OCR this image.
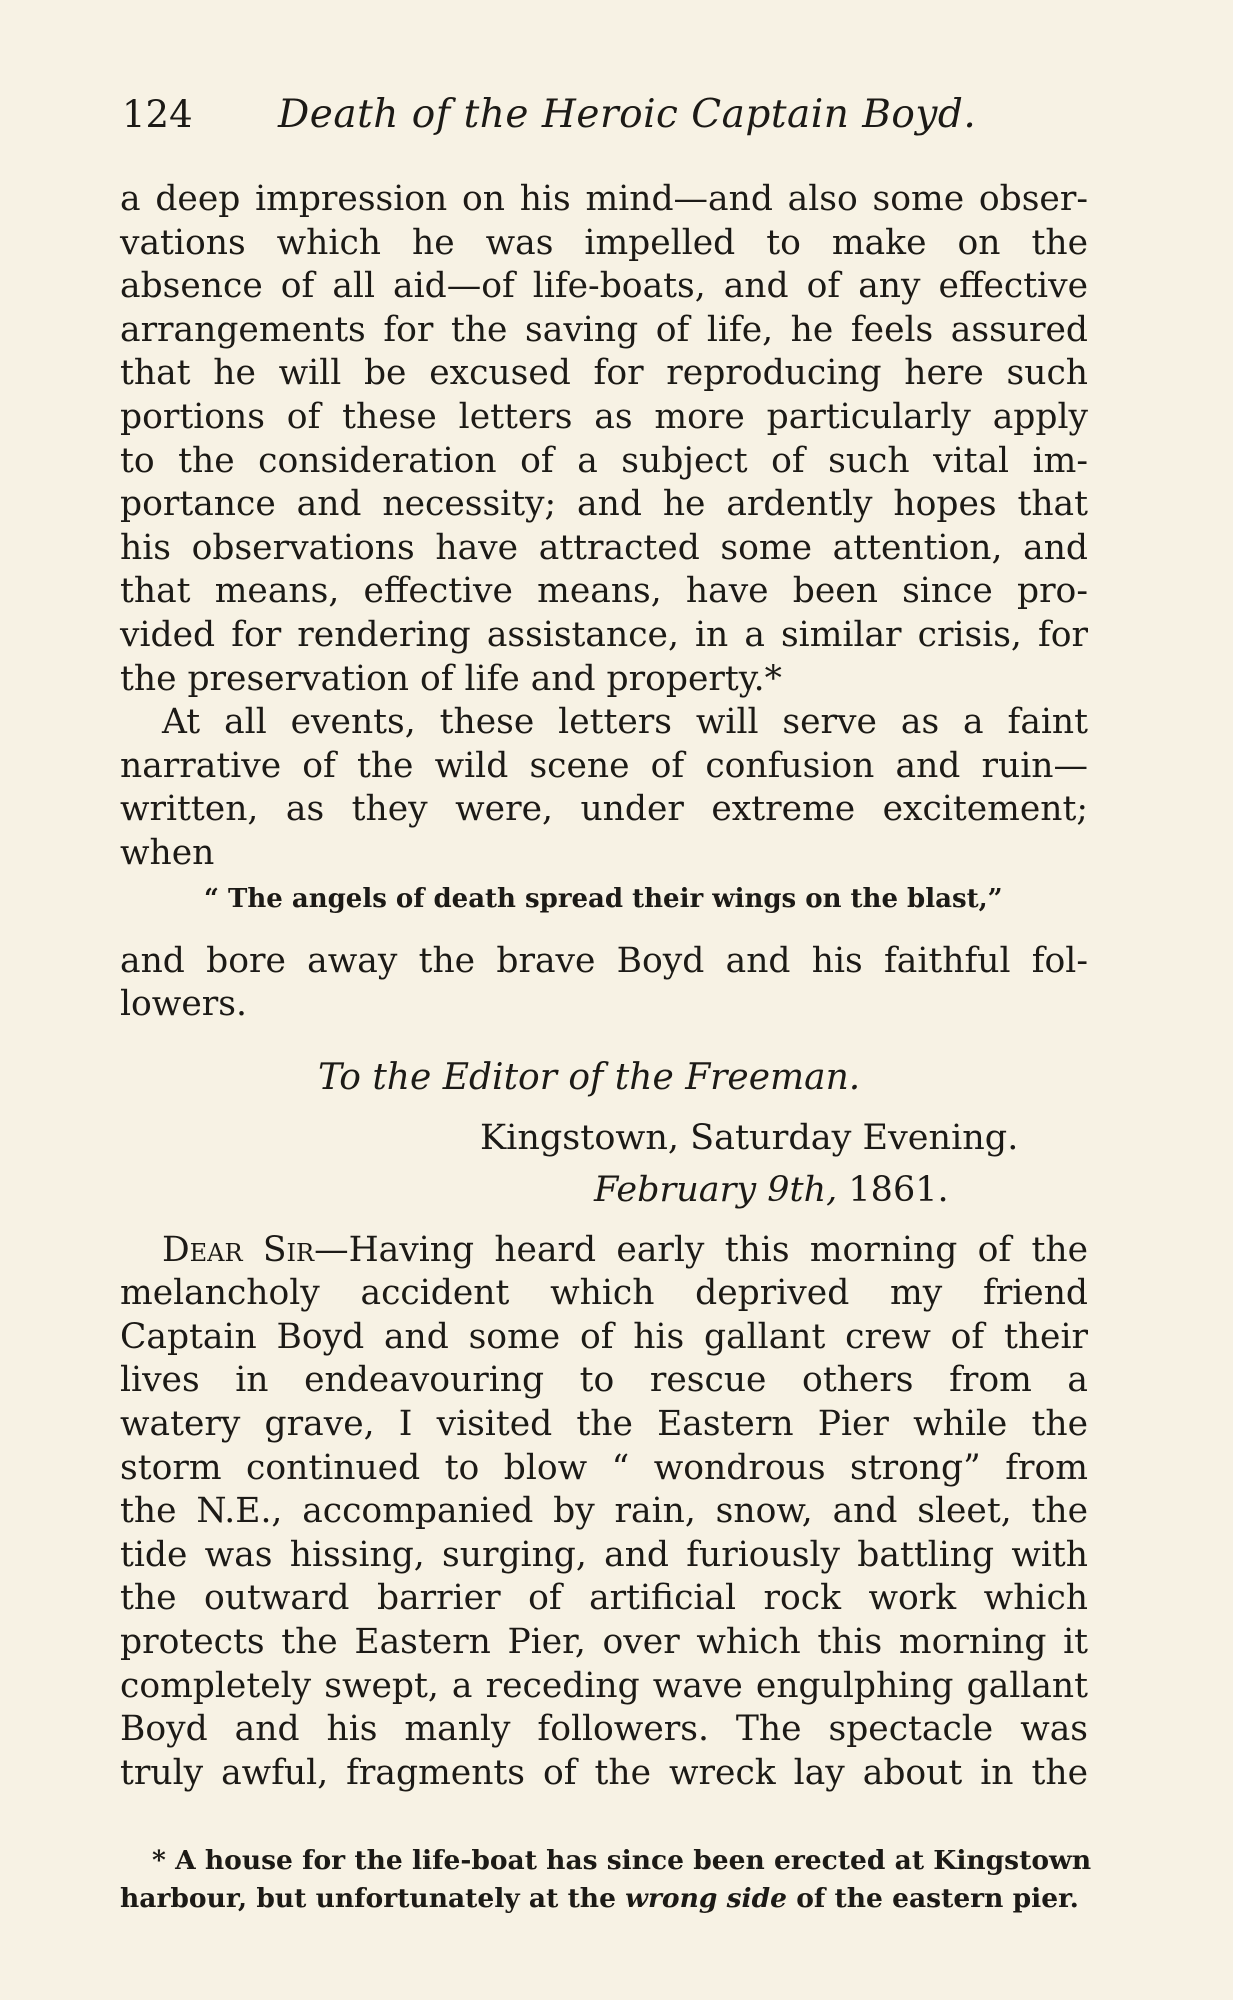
124 Death of the Heroic Captain Boyd.
a deep impression on his mind—and also some obser-
vations which he was impelled to make on the
absence of all aid—of life-boats, and of any effective
arrangements for the saving of life, he feels assured
that he will be excused for reproducing here such
portions of these letters as more particularly apply
to the consideration of a subject of such vital im-
portance and necessity; and he ardently hopes that
his observations have attracted some attention, and
that means, effective means, have been since pro-
vided for rendering assistance, in a similar crisis, for
the preservation of life and property.*
At all events, these letters will serve as a faint
narrative of the wild scene of confusion and ruin—
written, as they were, under extreme excitement;
when
“ The angels of death spread their wings on the blast,”
and bore away the brave Boyd and his faithful fol-
lowers.
To the Editor of the Freeman.
Kingstown, Saturday Evening.
February 9th, 1861.
Dear Sir—Having heard early this morning of the
melancholy accident which deprived my friend
Captain Boyd and some of his gallant crew of their
lives in endeavouring to rescue others from a
watery grave, I visited the Eastern Pier while the
storm continued to blow “ wondrous strong” from
the N.E., accompanied by rain, snow, and sleet, the
tide was hissing, surging, and furiously battling with
the outward barrier of artificial rock work which
protects the Eastern Pier, over which this morning it
completely swept, a receding wave engulphing gallant
Boyd and his manly followers. The spectacle was
truly awful, fragments of the wreck lay about in the
* A house for the life-boat has since been erected at Kingstown
harbour, but unfortunately at the wrong side of the eastern pier.
